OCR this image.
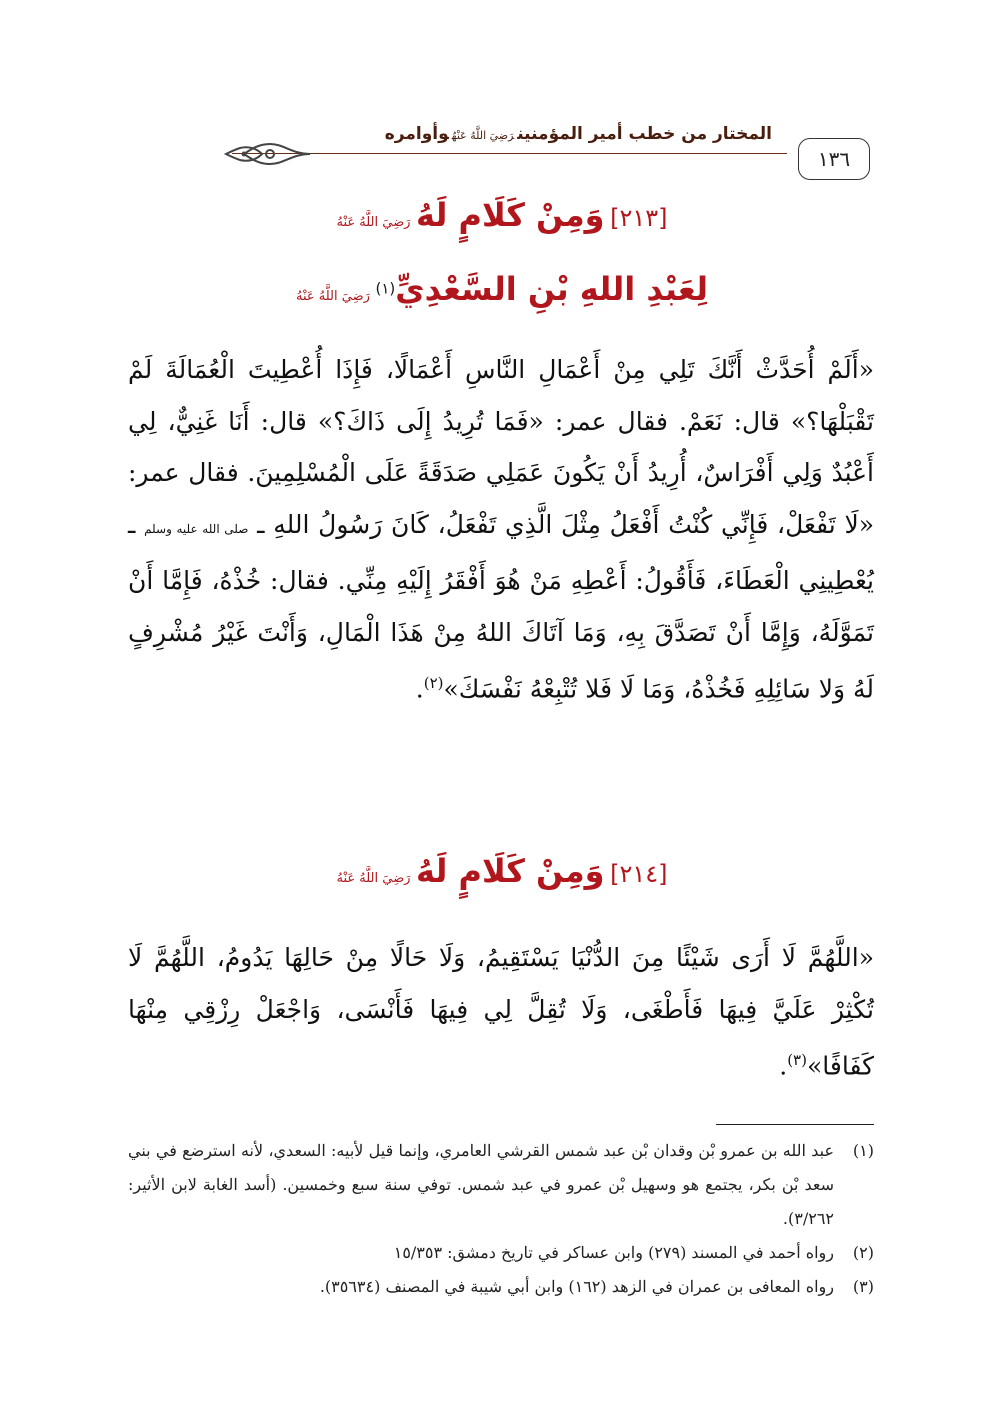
المختار من خطب أمير المؤمنينرَضِيَ اللَّهُ عَنْهُوأوامره
١٣٦
[٢١٣] وَمِنْ كَلَامٍ لَهُ رَضِيَ اللَّهُ عَنْهُ
لِعَبْدِ اللهِ بْنِ السَّعْدِيِّ(١) رَضِيَ اللَّهُ عَنْهُ
«أَلَمْ أُحَدَّثْ أَنَّكَ تَلِي مِنْ أَعْمَالِ النَّاسِ أَعْمَالًا، فَإِذَا أُعْطِيتَ الْعُمَالَةَ لَمْ تَقْبَلْهَا؟» قال: نَعَمْ. فقال عمر: «فَمَا تُرِيدُ إِلَى ذَاكَ؟» قال: أَنَا غَنِيٌّ، لِي أَعْبُدٌ وَلِي أَفْرَاسٌ، أُرِيدُ أَنْ يَكُونَ عَمَلِي صَدَقَةً عَلَى الْمُسْلِمِينَ. فقال عمر: «لَا تَفْعَلْ، فَإِنِّي كُنْتُ أَفْعَلُ مِثْلَ الَّذِي تَفْعَلُ، كَانَ رَسُولُ اللهِ ـ صلى الله عليه وسلم ـ يُعْطِينِي الْعَطَاءَ، فَأَقُولُ: أَعْطِهِ مَنْ هُوَ أَفْقَرُ إِلَيْهِ مِنِّي. فقال: خُذْهُ، فَإِمَّا أَنْ تَمَوَّلَهُ، وَإِمَّا أَنْ تَصَدَّقَ بِهِ، وَمَا آتَاكَ اللهُ مِنْ هَذَا الْمَالِ، وَأَنْتَ غَيْرُ مُشْرِفٍ لَهُ وَلا سَائِلِهِ فَخُذْهُ، وَمَا لَا فَلا تُتْبِعْهُ نَفْسَكَ»$^{(٢)}$.
[٢١٤] وَمِنْ كَلَامٍ لَهُ رَضِيَ اللَّهُ عَنْهُ
«اللَّهُمَّ لَا أَرَى شَيْئًا مِنَ الدُّنْيَا يَسْتَقِيمُ، وَلَا حَالًا مِنْ حَالِهَا يَدُومُ، اللَّهُمَّ لَا تُكْثِرْ عَلَيَّ فِيهَا فَأَطْغَى، وَلَا تُقِلَّ لِي فِيهَا فَأَنْسَى، وَاجْعَلْ رِزْقِي مِنْهَا كَفَافًا»$^{(٣)}$.
(١)
عبد الله بن عمرو بْن وقدان بْن عبد شمس القرشي العامري، وإنما قيل لأبيه: السعدي، لأنه استرضع في بني سعد بْن بكر، يجتمع هو وسهيل بْن عمرو في عبد شمس. توفي سنة سبع وخمسين. (أسد الغابة لابن الأثير: ٣/٢٦٢).
(٢)
رواه أحمد في المسند (٢٧٩) وابن عساكر في تاريخ دمشق: ١٥/٣٥٣
(٣)
رواه المعافى بن عمران في الزهد (١٦٢) وابن أبي شيبة في المصنف (٣٥٦٣٤).
